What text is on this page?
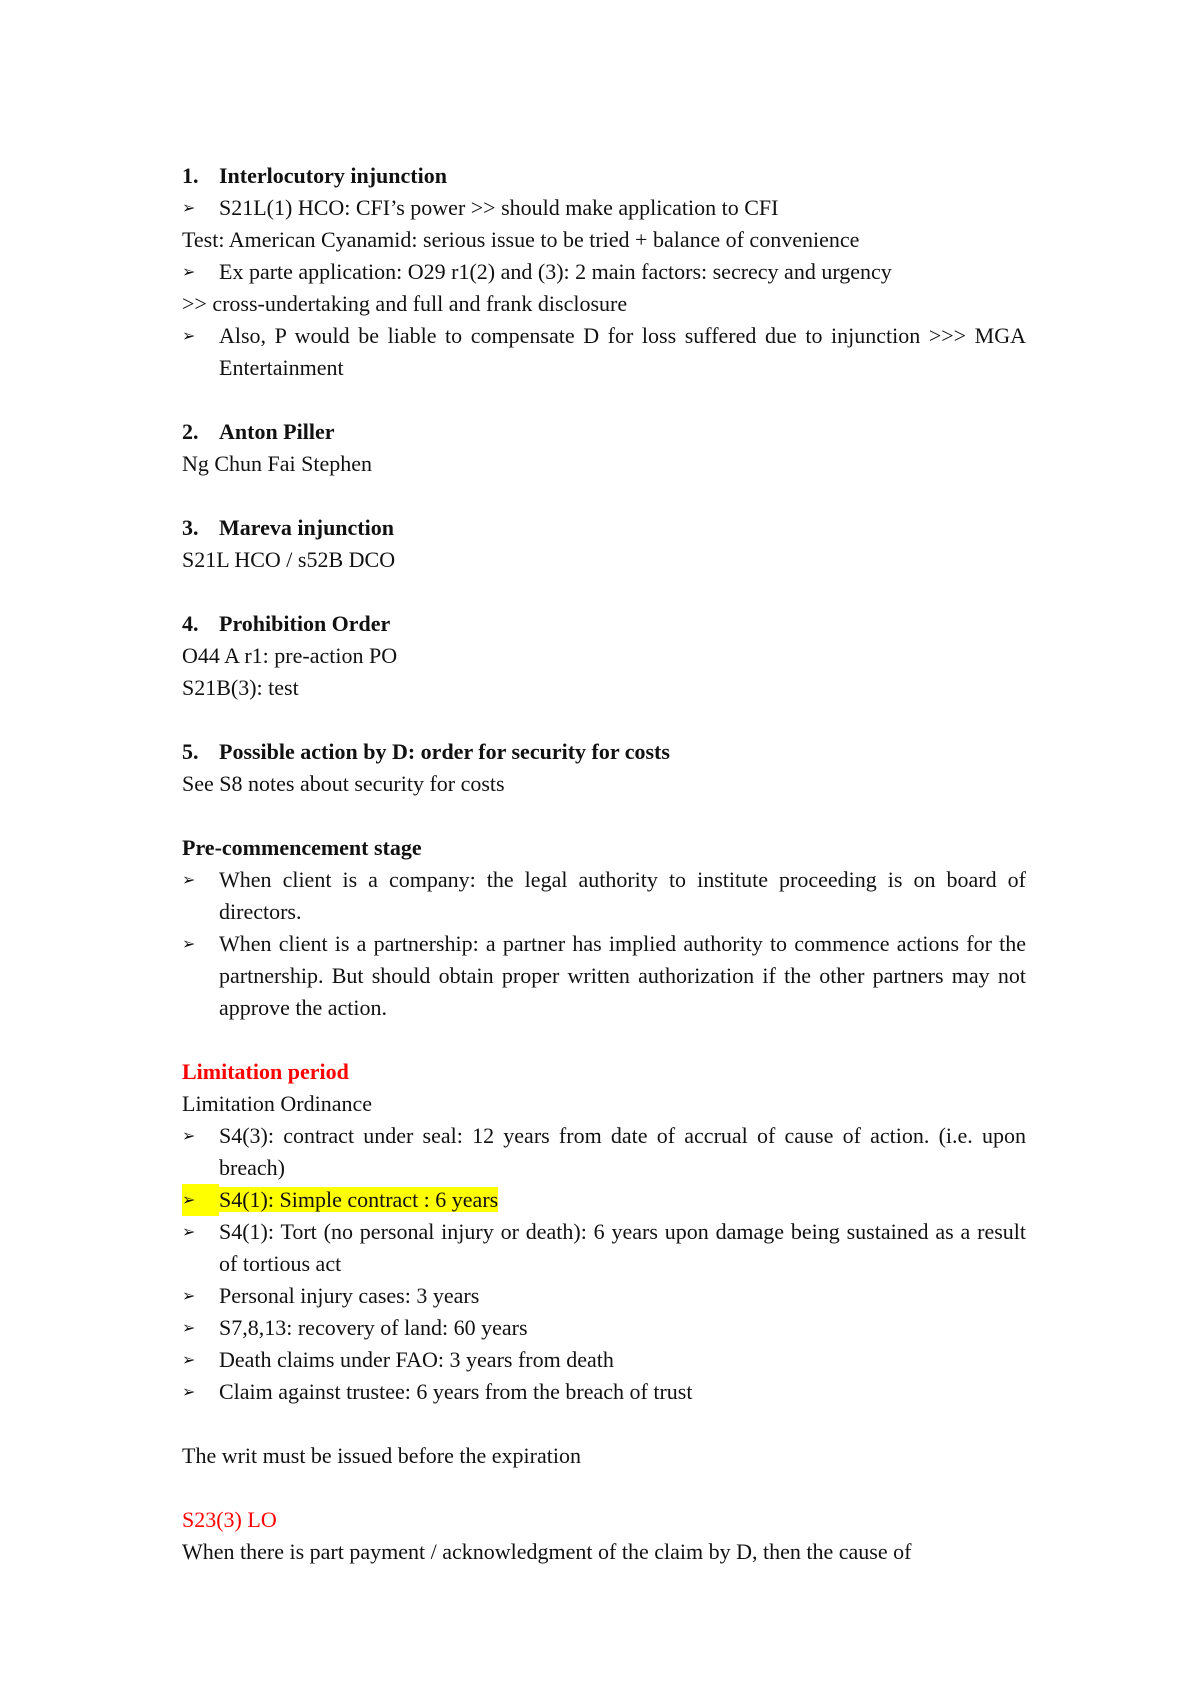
1. Interlocutory injunction
➢	S21L(1) HCO: CFI’s power >> should make application to CFI

Test: American Cyanamid: serious issue to be tried + balance of convenience

➢	Ex parte application: O29 r1(2) and (3): 2 main factors: secrecy and urgency

>> cross-undertaking and full and frank disclosure

➢	Also, P would be liable to compensate D for loss suffered due to injunction >>> MGA Entertainment
2. Anton Piller

Ng Chun Fai Stephen

3. Mareva injunction

S21L HCO / s52B DCO

4. Prohibition Order

O44 A r1: pre-action PO

S21B(3): test

5. Possible action by D: order for security for costs

See S8 notes about security for costs

Pre-commencement stage
➢	When client is a company: the legal authority to institute proceeding is on board of directors.
➢	When client is a partnership: a partner has implied authority to commence actions for the partnership. But should obtain proper written authorization if the other partners may not approve the action.
Limitation period

Limitation Ordinance

➢	S4(3): contract under seal: 12 years from date of accrual of cause of action. (i.e. upon breach)
➢	S4(1): Simple contract : 6 years
➢	S4(1): Tort (no personal injury or death): 6 years upon damage being sustained as a result of tortious act
➢	Personal injury cases: 3 years
➢	S7,8,13: recovery of land: 60 years
➢	Death claims under FAO: 3 years from death
➢	Claim against trustee: 6 years from the breach of trust

The writ must be issued before the expiration

S23(3) LO

When there is part payment / acknowledgment of the claim by D, then the cause of
